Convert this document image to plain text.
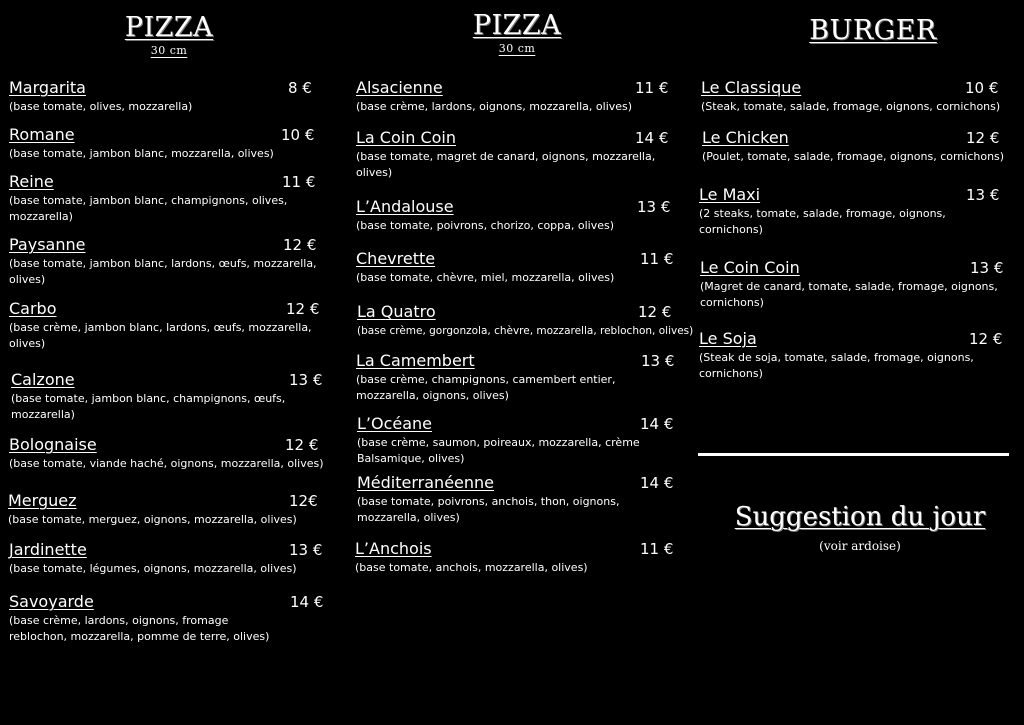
PIZZA
30 cm
PIZZA
30 cm
BURGER
Margarita	8 €
(base tomate, olives, mozzarella)
Romane	10 €
(base tomate, jambon blanc, mozzarella, olives)
Reine	11 €
(base tomate, jambon blanc, champignons, olives, mozzarella)
Paysanne	12 €
(base tomate, jambon blanc, lardons, œufs, mozzarella, olives)
Carbo	12 €
(base crème, jambon blanc, lardons, œufs, mozzarella, olives)
Calzone	13 €
(base tomate, jambon blanc, champignons, œufs, mozzarella)
Bolognaise	12 €
(base tomate, viande haché, oignons, mozzarella, olives)
Merguez	12€
(base tomate, merguez, oignons, mozzarella, olives)
Jardinette	13 €
(base tomate, légumes, oignons, mozzarella, olives)
Savoyarde	14 €
(base crème, lardons, oignons, fromage reblochon, mozzarella, pomme de terre, olives)
Alsacienne	11 €
(base crème, lardons, oignons, mozzarella, olives)
La Coin Coin	14 €
(base tomate, magret de canard, oignons, mozzarella, olives)
L’Andalouse	13 €
(base tomate, poivrons, chorizo, coppa, olives)
Chevrette	11 €
(base tomate, chèvre, miel, mozzarella, olives)
La Quatro	12 €
(base crème, gorgonzola, chèvre, mozzarella, reblochon, olives)
La Camembert	13 €
(base crème, champignons, camembert entier, mozzarella, oignons, olives)
L’Océane	14 €
(base crème, saumon, poireaux, mozzarella, crème Balsamique, olives)
Méditerranéenne	14 €
(base tomate, poivrons, anchois, thon, oignons, mozzarella, olives)
L’Anchois	11 €
(base tomate, anchois, mozzarella, olives)
Le Classique	10 €
(Steak, tomate, salade, fromage, oignons, cornichons)
Le Chicken	12 €
(Poulet, tomate, salade, fromage, oignons, cornichons)
Le Maxi	13 €
(2 steaks, tomate, salade, fromage, oignons, cornichons)
Le Coin Coin	13 €
(Magret de canard, tomate, salade, fromage, oignons, cornichons)
Le Soja	12 €
(Steak de soja, tomate, salade, fromage, oignons, cornichons)
Suggestion du jour
(voir ardoise)
